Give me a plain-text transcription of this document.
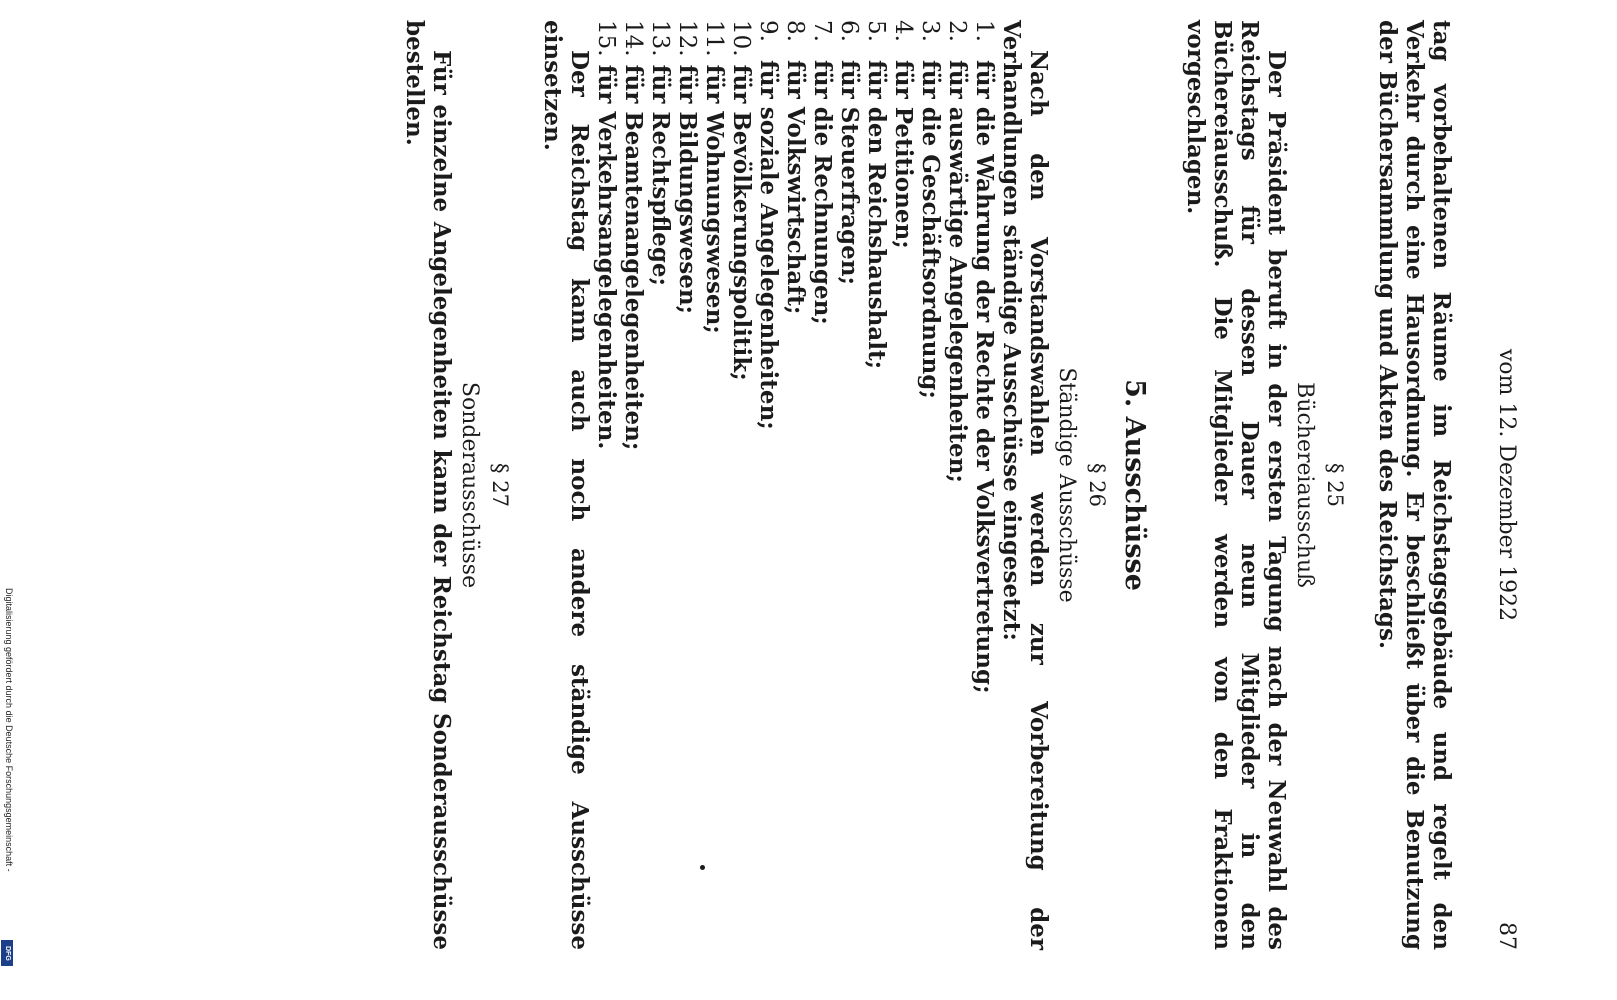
Digitalisierung gefördert durch die Deutsche Forschungsgemeinschaft -
DFG
vom 12. Dezember 1922
87

tag vorbehaltenen Räume im Reichstagsgebäude und regelt den Verkehr durch eine Hausordnung. Er beschließt über die Benutzung der Büchersammlung und Akten des Reichstags.

§ 25

Büchereiausschuß

Der Präsident beruft in der ersten Tagung nach der Neuwahl des Reichstags für dessen Dauer neun Mitglieder in den Büchereiausschuß. Die Mitglieder werden von den Fraktionen vorgeschlagen.

5. Ausschüsse

§ 26

Ständige Ausschüsse

Nach den Vorstandswahlen werden zur Vorbereitung der Verhandlungen ständige Ausschüsse eingesetzt:

1. für die Wahrung der Rechte der Volksvertretung;
2. für auswärtige Angelegenheiten;
3. für die Geschäftsordnung;
4. für Petitionen;
5. für den Reichshaushalt;
6. für Steuerfragen;
7. für die Rechnungen;
8. für Volkswirtschaft;
9. für soziale Angelegenheiten;
10. für Bevölkerungspolitik;
11. für Wohnungswesen;
12. für Bildungswesen;
13. für Rechtspflege;
14. für Beamtenangelegenheiten;
15. für Verkehrsangelegenheiten.

Der Reichstag kann auch noch andere ständige Ausschüsse einsetzen.

§ 27

Sonderausschüsse

Für einzelne Angelegenheiten kann der Reichstag Sonderausschüsse bestellen.
